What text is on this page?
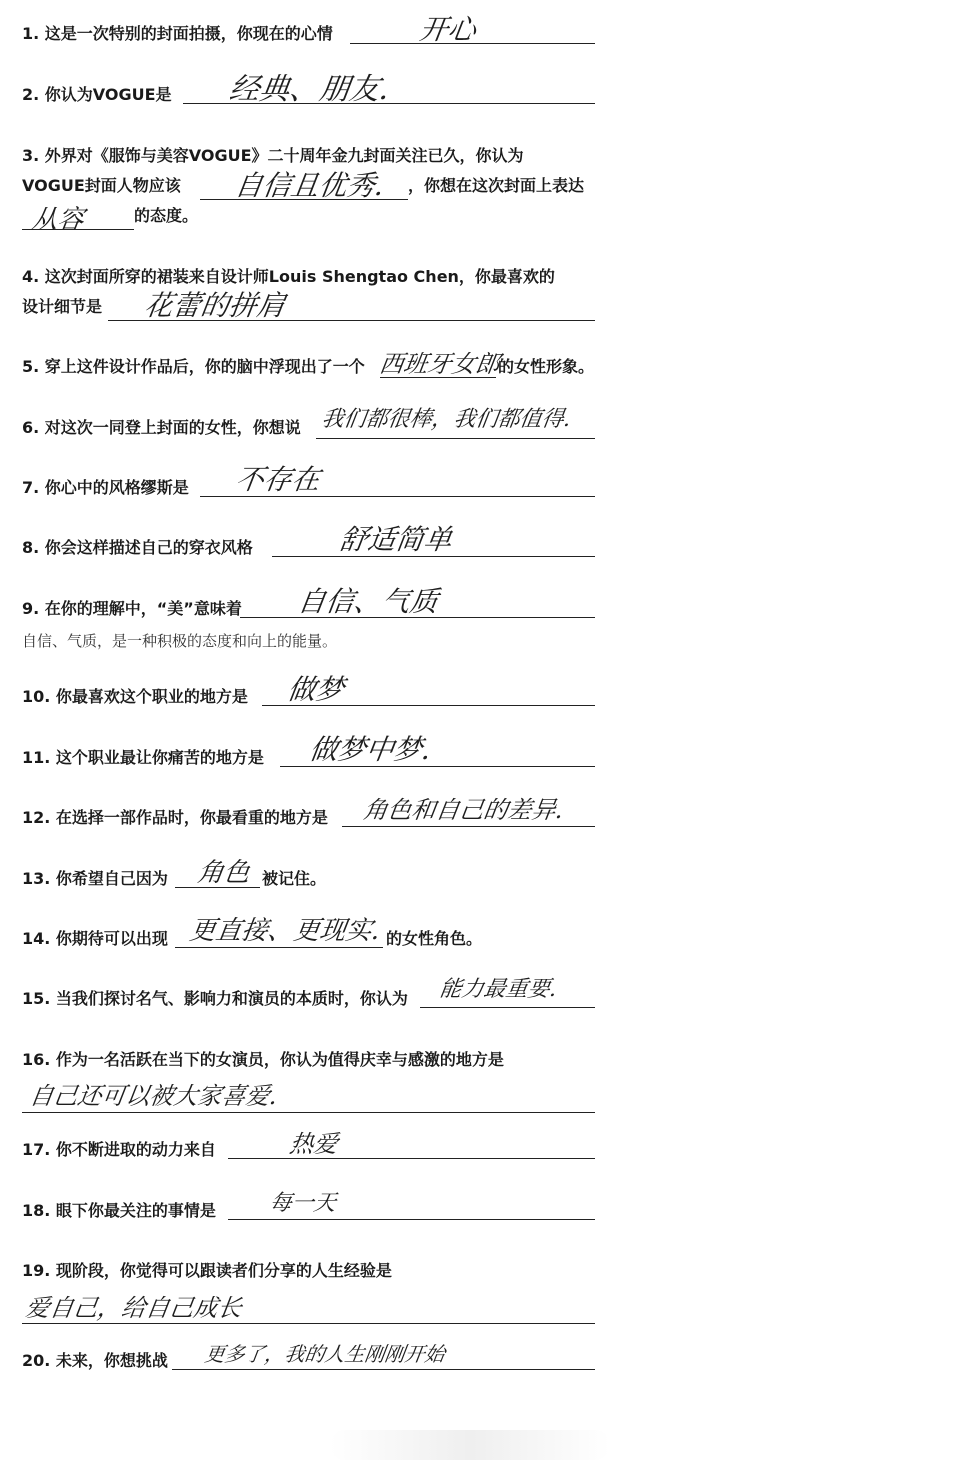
1. 这是一次特别的封面拍摄，你现在的心情	开心
2. 你认为VOGUE是 经典、朋友.
3. 外界对《服饰与美容VOGUE》二十周年金九封面关注已久，你认为
VOGUE封面人物应该 自信且优秀. ，你想在这次封面上表达
从容	的态度。
4. 这次封面所穿的裙装来自设计师Louis Shengtao Chen，你最喜欢的
设计细节是 花蕾的拼肩
5. 穿上这件设计作品后，你的脑中浮现出了一个 西班牙女郎
的女性形象。
6. 对这次一同登上封面的女性，你想说 我们都很棒，我们都值得.
7. 你心中的风格缪斯是 不存在
8. 你会这样描述自己的穿衣风格	舒适简单
9. 在你的理解中，“美”意味着 自信、气质
自信、气质，是一种积极的态度和向上的能量。
10. 你最喜欢这个职业的地方是 做梦
11. 这个职业最让你痛苦的地方是 做梦中梦.
12. 在选择一部作品时，你最看重的地方是 角色和自己的差异.
13. 你希望自己因为 角色 被记住。
14. 你期待可以出现 更直接、更现实. 的女性角色。
15. 当我们探讨名气、影响力和演员的本质时，你认为 能力最重要.
16. 作为一名活跃在当下的女演员，你认为值得庆幸与感激的地方是
自己还可以被大家喜爱.
17. 你不断进取的动力来自	热爱
18. 眼下你最关注的事情是 每一天
19. 现阶段，你觉得可以跟读者们分享的人生经验是
爱自己，给自己成长
20. 未来，你想挑战 更多了，我的人生刚刚开始
